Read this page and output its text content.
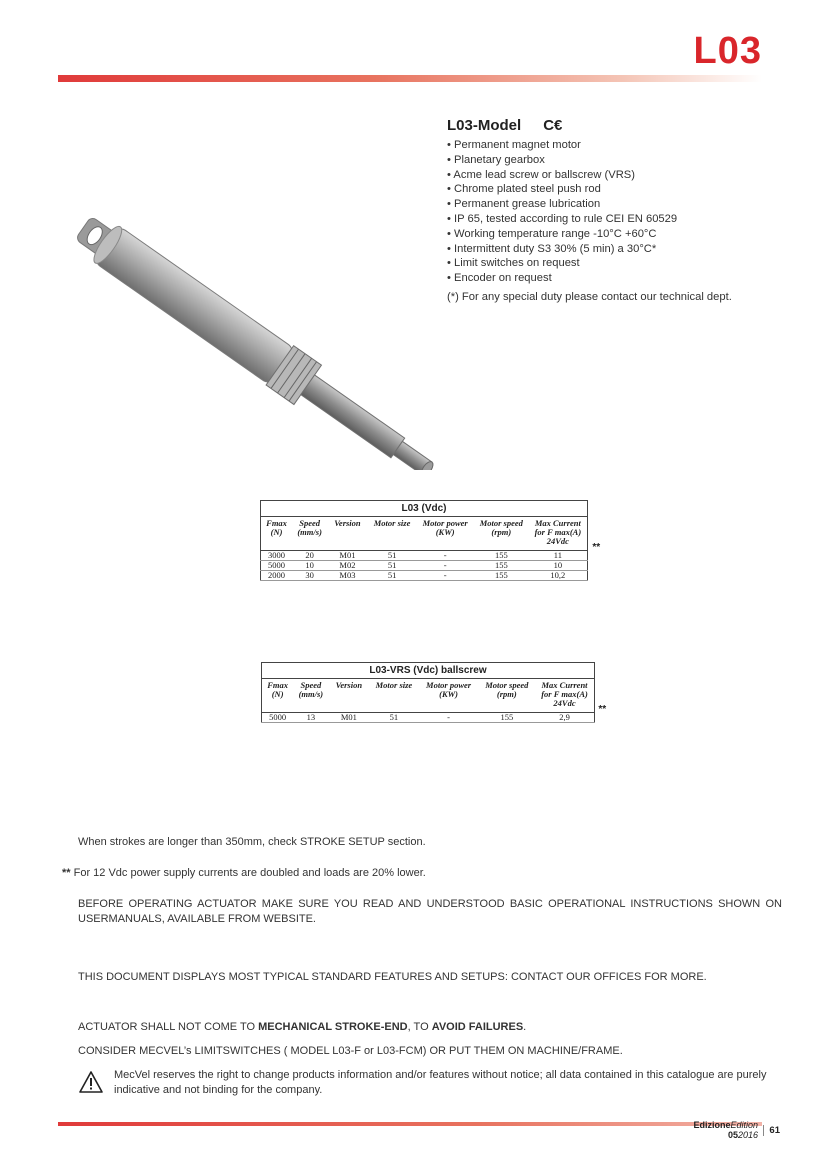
L03
L03-Model C€
• Permanent magnet motor
• Planetary gearbox
• Acme lead screw or ballscrew (VRS)
• Chrome plated steel push rod
• Permanent grease lubrication
• IP 65, tested according to rule CEI EN 60529
• Working temperature range -10°C +60°C
• Intermittent duty S3 30% (5 min) a 30°C*
• Limit switches on request
• Encoder on request
(*) For any special duty please contact our technical dept.
L03 (Vdc)						
Fmax (N)	Speed (mm/s)	Version	Motor size	Motor power (KW)	Motor speed (rpm)	Max Current for F max(A) 24Vdc
3000	20	M01	51	-	155	11
5000	10	M02	51	-	155	10
2000	30	M03	51	-	155	10,2
**
L03-VRS (Vdc) ballscrew						
Fmax (N)	Speed (mm/s)	Version	Motor size	Motor power (KW)	Motor speed (rpm)	Max Current for F max(A) 24Vdc
5000	13	M01	51	-	155	2,9
**
When strokes are longer than 350mm, check STROKE SETUP section.
** For 12 Vdc power supply currents are doubled and loads are 20% lower.
BEFORE OPERATING ACTUATOR MAKE SURE YOU READ AND UNDERSTOOD BASIC OPERATIONAL INSTRUCTIONS SHOWN ON USERMANUALS, AVAILABLE FROM WEBSITE.
THIS DOCUMENT DISPLAYS MOST TYPICAL STANDARD FEATURES AND SETUPS: CONTACT OUR OFFICES FOR MORE.
ACTUATOR SHALL NOT COME TO MECHANICAL STROKE-END, TO AVOID FAILURES.
CONSIDER MECVEL’s LIMITSWITCHES ( MODEL L03-F or L03-FCM) OR PUT THEM ON MACHINE/FRAME.
MecVel reserves the right to change products information and/or features without notice; all data contained in this catalogue are purely indicative and not binding for the company.
EdizioneEdition
052016	61
